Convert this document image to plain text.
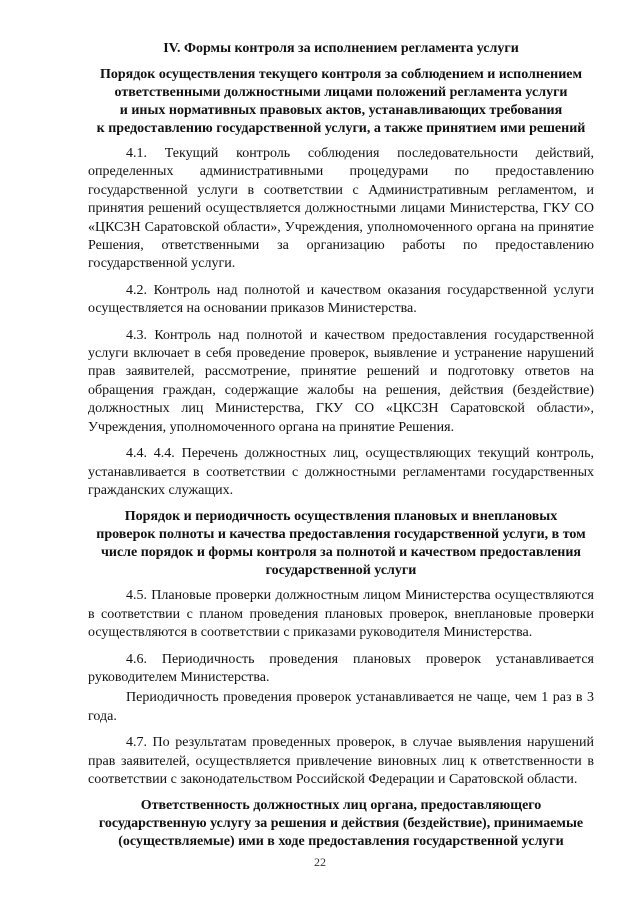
IV. Формы контроля за исполнением регламента услуги
Порядок осуществления текущего контроля за соблюдением и исполнением
ответственными должностными лицами положений регламента услуги
и иных нормативных правовых актов, устанавливающих требования
к предоставлению государственной услуги, а также принятием ими решений

4.1. Текущий контроль соблюдения последовательности действий, определенных административными процедурами по предоставлению государственной услуги в соответствии с Административным регламентом, и принятия решений осуществляется должностными лицами Министерства, ГКУ СО «ЦКСЗН Саратовской области», Учреждения, уполномоченного органа на принятие Решения, ответственными за организацию работы по предоставлению государственной услуги.

4.2. Контроль над полнотой и качеством оказания государственной услуги осуществляется на основании приказов Министерства.

4.3. Контроль над полнотой и качеством предоставления государственной услуги включает в себя проведение проверок, выявление и устранение нарушений прав заявителей, рассмотрение, принятие решений и подготовку ответов на обращения граждан, содержащие жалобы на решения, действия (бездействие) должностных лиц Министерства, ГКУ СО «ЦКСЗН Саратовской области», Учреждения, уполномоченного органа на принятие Решения.

4.4. 4.4. Перечень должностных лиц, осуществляющих текущий контроль, устанавливается в соответствии с должностными регламентами государственных гражданских служащих.

Порядок и периодичность осуществления плановых и внеплановых
проверок полноты и качества предоставления государственной услуги, в том
числе порядок и формы контроля за полнотой и качеством предоставления
государственной услуги

4.5. Плановые проверки должностным лицом Министерства осуществляются в соответствии с планом проведения плановых проверок, внеплановые проверки осуществляются в соответствии с приказами руководителя Министерства.

4.6. Периодичность проведения плановых проверок устанавливается руководителем Министерства.

Периодичность проведения проверок устанавливается не чаще, чем 1 раз в 3 года.

4.7. По результатам проведенных проверок, в случае выявления нарушений прав заявителей, осуществляется привлечение виновных лиц к ответственности в соответствии с законодательством Российской Федерации и Саратовской области.

Ответственность должностных лиц органа, предоставляющего
государственную услугу за решения и действия (бездействие), принимаемые
(осуществляемые) ими в ходе предоставления государственной услуги
22
